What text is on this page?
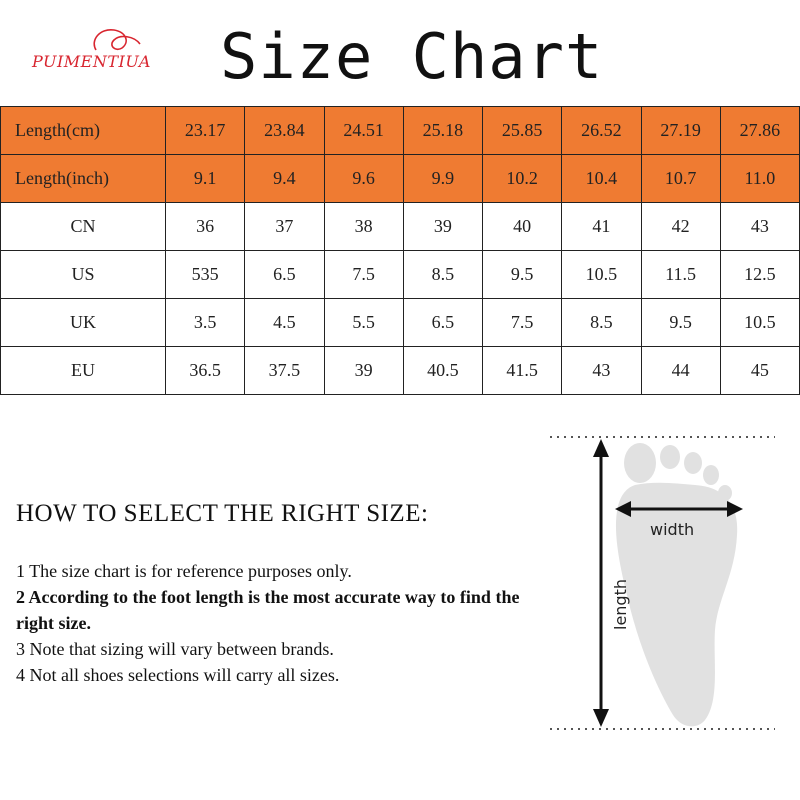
PUIMENTIUA Size Chart
Length(cm)	23.17	23.84	24.51	25.18	25.85	26.52	27.19	27.86
Length(inch)	9.1	9.4	9.6	9.9	10.2	10.4	10.7	11.0
CN	36	37	38	39	40	41	42	43
US	535	6.5	7.5	8.5	9.5	10.5	11.5	12.5
UK	3.5	4.5	5.5	6.5	7.5	8.5	9.5	10.5
EU	36.5	37.5	39	40.5	41.5	43	44	45
HOW TO SELECT THE RIGHT SIZE:
1 The size chart is for reference purposes only.
2 According to the foot length is the most accurate way to find the right size.
3 Note that sizing will vary between brands.
4 Not all shoes selections will carry all sizes.
width
length
